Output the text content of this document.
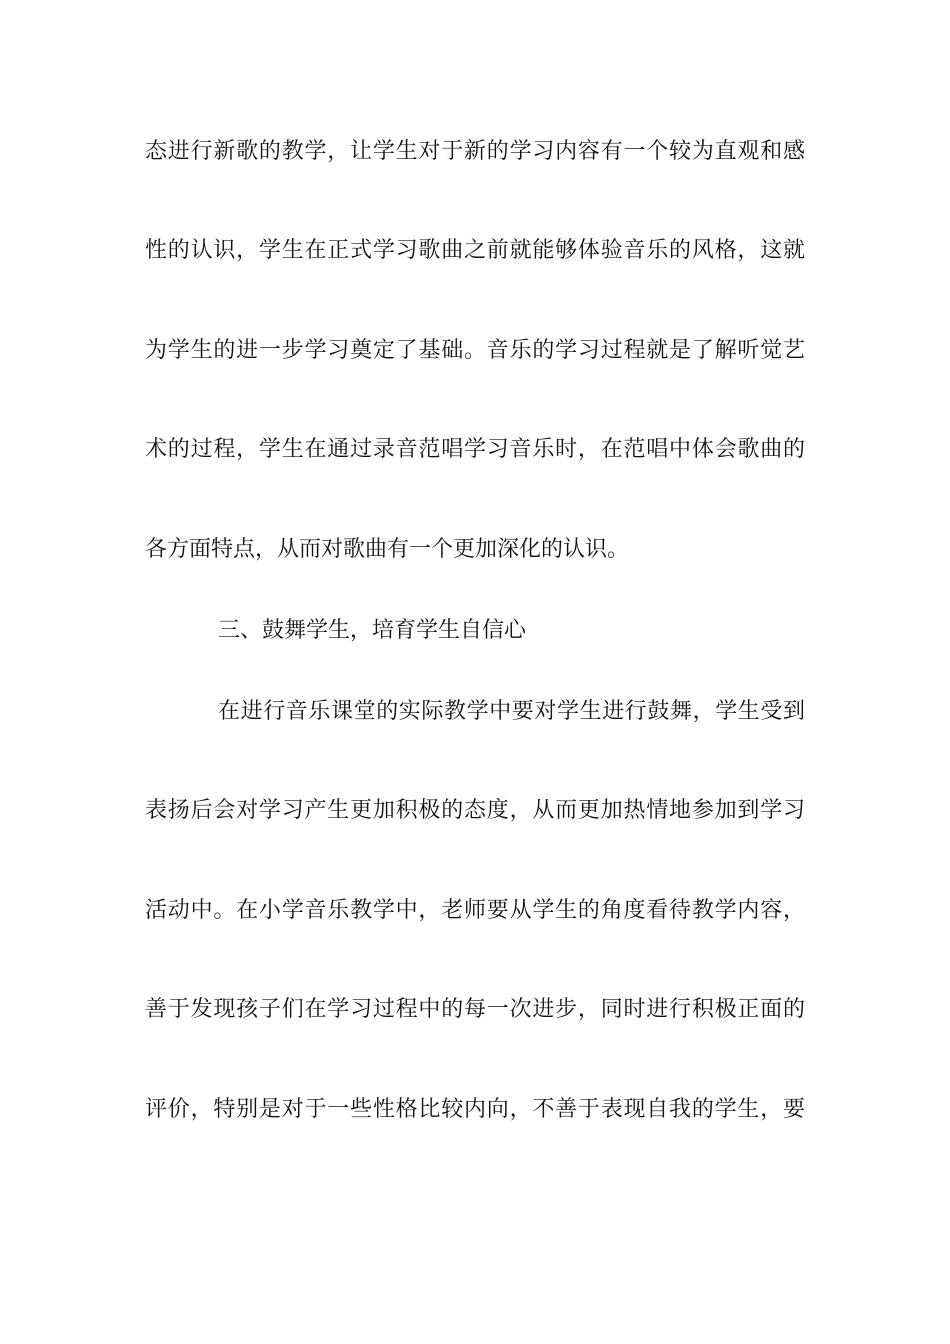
态进行新歌的教学，让学生对于新的学习内容有一个较为直观和感
性的认识，学生在正式学习歌曲之前就能够体验音乐的风格，这就
为学生的进一步学习奠定了基础。音乐的学习过程就是了解听觉艺
术的过程，学生在通过录音范唱学习音乐时，在范唱中体会歌曲的
各方面特点，从而对歌曲有一个更加深化的认识。
三、鼓舞学生，培育学生自信心
在进行音乐课堂的实际教学中要对学生进行鼓舞，学生受到
表扬后会对学习产生更加积极的态度，从而更加热情地参加到学习
活动中。在小学音乐教学中，老师要从学生的角度看待教学内容，
善于发现孩子们在学习过程中的每一次进步，同时进行积极正面的
评价，特别是对于一些性格比较内向，不善于表现自我的学生，要
